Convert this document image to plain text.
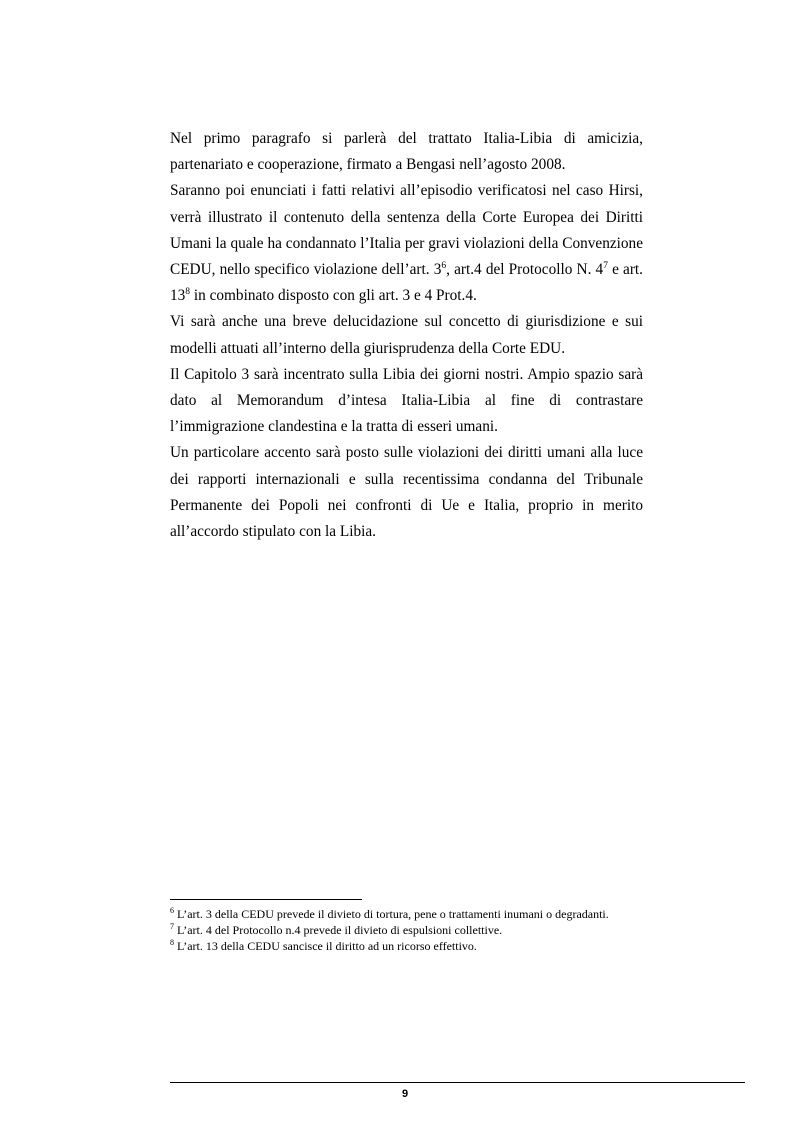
Nel primo paragrafo si parlerà del trattato Italia-Libia di amicizia, partenariato e cooperazione, firmato a Bengasi nell’agosto 2008.

Saranno poi enunciati i fatti relativi all’episodio verificatosi nel caso Hirsi, verrà illustrato il contenuto della sentenza della Corte Europea dei Diritti Umani la quale ha condannato l’Italia per gravi violazioni della Convenzione CEDU, nello specifico violazione dell’art. $3^6$, art.4 del Protocollo N. $4^7$ e art. $13^8$ in combinato disposto con gli art. 3 e 4 Prot.4.

Vi sarà anche una breve delucidazione sul concetto di giurisdizione e sui modelli attuati all’interno della giurisprudenza della Corte EDU.

Il Capitolo 3 sarà incentrato sulla Libia dei giorni nostri. Ampio spazio sarà dato al Memorandum d’intesa Italia-Libia al fine di contrastare l’immigrazione clandestina e la tratta di esseri umani.

Un particolare accento sarà posto sulle violazioni dei diritti umani alla luce dei rapporti internazionali e sulla recentissima condanna del Tribunale Permanente dei Popoli nei confronti di Ue e Italia, proprio in merito all’accordo stipulato con la Libia.

$^6$ L’art. 3 della CEDU prevede il divieto di tortura, pene o trattamenti inumani o degradanti.

$^7$ L’art. 4 del Protocollo n.4 prevede il divieto di espulsioni collettive.

$^8$ L’art. 13 della CEDU sancisce il diritto ad un ricorso effettivo.

9
